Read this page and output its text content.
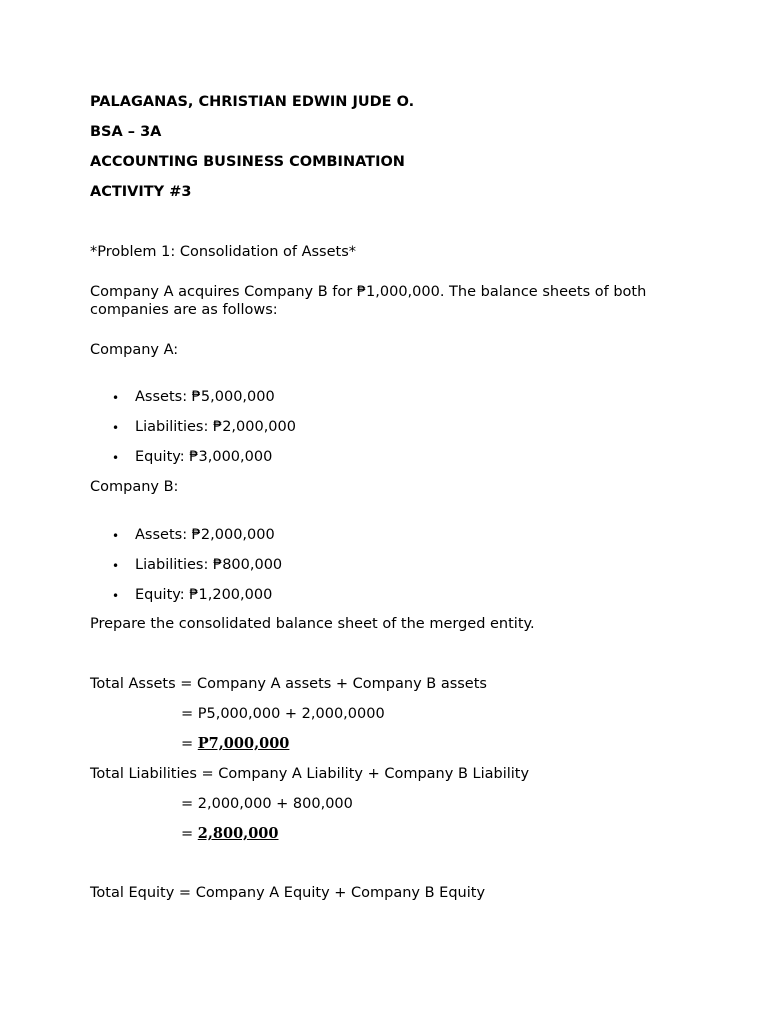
PALAGANAS, CHRISTIAN EDWIN JUDE O.
BSA – 3A
ACCOUNTING BUSINESS COMBINATION
ACTIVITY #3
*Problem 1: Consolidation of Assets*
Company A acquires Company B for ₱1,000,000. The balance sheets of both companies are as follows:
Company A:
• Assets: ₱5,000,000
• Liabilities: ₱2,000,000
• Equity: ₱3,000,000
Company B:
• Assets: ₱2,000,000
• Liabilities: ₱800,000
• Equity: ₱1,200,000
Prepare the consolidated balance sheet of the merged entity.
Total Assets = Company A assets + Company B assets
= P5,000,000 + 2,000,0000
= P7,000,000
Total Liabilities = Company A Liability + Company B Liability
= 2,000,000 + 800,000
= 2,800,000
Total Equity = Company A Equity + Company B Equity
